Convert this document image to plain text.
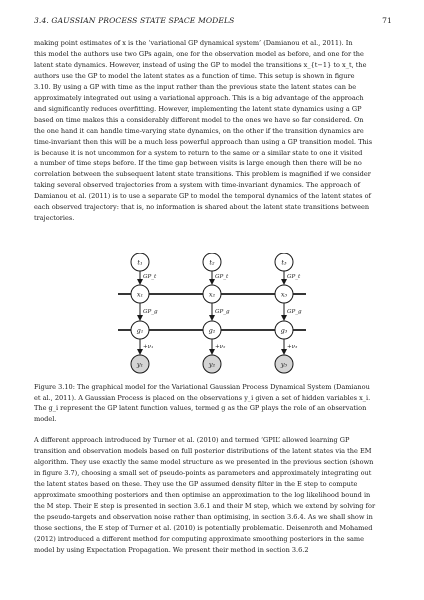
3.4. GAUSSIAN PROCESS STATE SPACE MODELS	71

making point estimates of x is the ‘variational GP dynamical system’ (Damianou et al., 2011). In
this model the authors use two GPs again, one for the observation model as before, and one for the
latent state dynamics. However, instead of using the GP to model the transitions x_{t−1} to x_t, the
authors use the GP to model the latent states as a function of time. This setup is shown in figure
3.10. By using a GP with time as the input rather than the previous state the latent states can be
approximately integrated out using a variational approach. This is a big advantage of the approach
and significantly reduces overfitting. However, implementing the latent state dynamics using a GP
based on time makes this a considerably different model to the ones we have so far considered. On
the one hand it can handle time-varying state dynamics, on the other if the transition dynamics are
time-invariant then this will be a much less powerful approach than using a GP transition model. This
is because it is not uncommon for a system to return to the same or a similar state to one it visited
a number of time steps before. If the time gap between visits is large enough then there will be no
correlation between the subsequent latent state transitions. This problem is magnified if we consider
taking several observed trajectories from a system with time-invariant dynamics. The approach of
Damianou et al. (2011) is to use a separate GP to model the temporal dynamics of the latent states of
each observed trajectory: that is, no information is shared about the latent state transitions between
trajectories.

t₁
x₁
g₁
y₁
GP_t
GP_g
+ν₁
t₂
x₂
g₂
y₂
GP_t
GP_g
+ν₂
t₃
x₃
g₃
y₃
GP_t
GP_g
+ν₃

Figure 3.10: The graphical model for the Variational Gaussian Process Dynamical System (Damianou
et al., 2011). A Gaussian Process is placed on the observations y_i given a set of hidden variables x_i.
The g_i represent the GP latent function values, termed g as the GP plays the role of an observation
model.

A different approach introduced by Turner et al. (2010) and termed ‘GPIL’ allowed learning GP
transition and observation models based on full posterior distributions of the latent states via the EM
algorithm. They use exactly the same model structure as we presented in the previous section (shown
in figure 3.7), choosing a small set of pseudo-points as parameters and approximately integrating out
the latent states based on these. They use the GP assumed density filter in the E step to compute
approximate smoothing posteriors and then optimise an approximation to the log likelihood bound in
the M step. Their E step is presented in section 3.6.1 and their M step, which we extend by solving for
the pseudo-targets and observation noise rather than optimising, in section 3.6.4. As we shall show in
those sections, the E step of Turner et al. (2010) is potentially problematic. Deisenroth and Mohamed
(2012) introduced a different method for computing approximate smoothing posteriors in the same
model by using Expectation Propagation. We present their method in section 3.6.2
